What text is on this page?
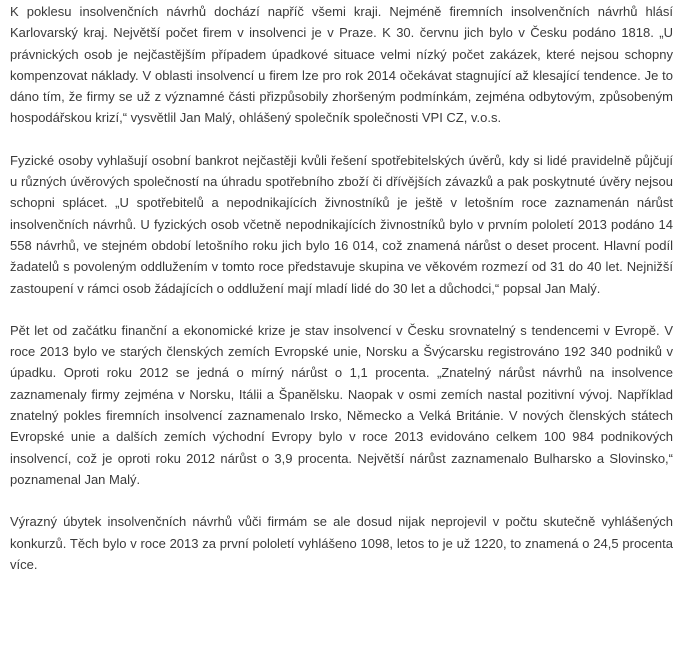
K poklesu insolvenčních návrhů dochází napříč všemi kraji. Nejméně firemních insolvenčních návrhů hlásí Karlovarský kraj. Největší počet firem v insolvenci je v Praze. K 30. červnu jich bylo v Česku podáno 1818. „U právnických osob je nejčastějším případem úpadkové situace velmi nízký počet zakázek, které nejsou schopny kompenzovat náklady. V oblasti insolvencí u firem lze pro rok 2014 očekávat stagnující až klesající tendence. Je to dáno tím, že firmy se už z významné části přizpůsobily zhoršeným podmínkám, zejména odbytovým, způsobeným hospodářskou krizí,“ vysvětlil Jan Malý, ohlášený společník společnosti VPI CZ, v.o.s.

Fyzické osoby vyhlašují osobní bankrot nejčastěji kvůli řešení spotřebitelských úvěrů, kdy si lidé pravidelně půjčují u různých úvěrových společností na úhradu spotřebního zboží či dřívějších závazků a pak poskytnuté úvěry nejsou schopni splácet. „U spotřebitelů a nepodnikajících živnostníků je ještě v letošním roce zaznamenán nárůst insolvenčních návrhů. U fyzických osob včetně nepodnikajících živnostníků bylo v prvním pololetí 2013 podáno 14 558 návrhů, ve stejném období letošního roku jich bylo 16 014, což znamená nárůst o deset procent. Hlavní podíl žadatelů s povoleným oddlužením v tomto roce představuje skupina ve věkovém rozmezí od 31 do 40 let. Nejnižší zastoupení v rámci osob žádajících o oddlužení mají mladí lidé do 30 let a důchodci,“ popsal Jan Malý.

Pět let od začátku finanční a ekonomické krize je stav insolvencí v Česku srovnatelný s tendencemi v Evropě. V roce 2013 bylo ve starých členských zemích Evropské unie, Norsku a Švýcarsku registrováno 192 340 podniků v úpadku. Oproti roku 2012 se jedná o mírný nárůst o 1,1 procenta. „Znatelný nárůst návrhů na insolvence zaznamenaly firmy zejména v Norsku, Itálii a Španělsku. Naopak v osmi zemích nastal pozitivní vývoj. Například znatelný pokles firemních insolvencí zaznamenalo Irsko, Německo a Velká Británie. V nových členských státech Evropské unie a dalších zemích východní Evropy bylo v roce 2013 evidováno celkem 100 984 podnikových insolvencí, což je oproti roku 2012 nárůst o 3,9 procenta. Největší nárůst zaznamenalo Bulharsko a Slovinsko,“ poznamenal Jan Malý.

Výrazný úbytek insolvenčních návrhů vůči firmám se ale dosud nijak neprojevil v počtu skutečně vyhlášených konkurzů. Těch bylo v roce 2013 za první pololetí vyhlášeno 1098, letos to je už 1220, to znamená o 24,5 procenta více.
